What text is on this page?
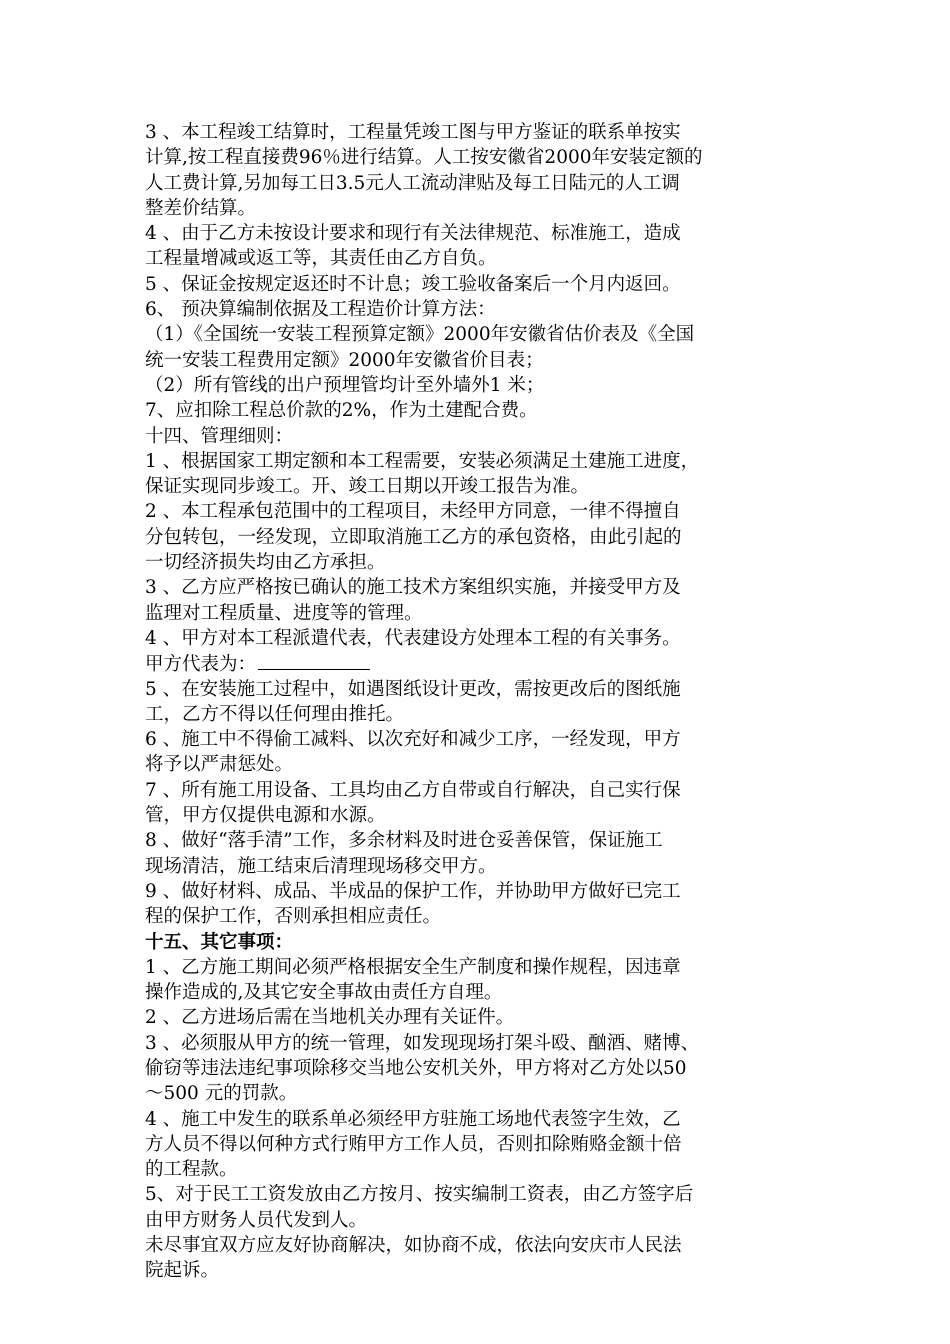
3 、本工程竣工结算时，工程量凭竣工图与甲方鉴证的联系单按实
计算,按工程直接费96％进行结算。人工按安徽省2000年安装定额的
人工费计算,另加每工日3.5元人工流动津贴及每工日陆元的人工调
整差价结算。
4 、由于乙方未按设计要求和现行有关法律规范、标准施工，造成
工程量增减或返工等，其责任由乙方自负。
5 、保证金按规定返还时不计息；竣工验收备案后一个月内返回。
6、 预决算编制依据及工程造价计算方法：
（1）《全国统一安装工程预算定额》2000年安徽省估价表及《全国
统一安装工程费用定额》2000年安徽省价目表；
（2）所有管线的出户预埋管均计至外墙外1 米；
7、应扣除工程总价款的2%，作为土建配合费。
十四、管理细则：
1 、根据国家工期定额和本工程需要，安装必须满足土建施工进度，
保证实现同步竣工。开、竣工日期以开竣工报告为准。
2 、本工程承包范围中的工程项目，未经甲方同意，一律不得擅自
分包转包，一经发现，立即取消施工乙方的承包资格，由此引起的
一切经济损失均由乙方承担。
3 、乙方应严格按已确认的施工技术方案组织实施，并接受甲方及
监理对工程质量、进度等的管理。
4 、甲方对本工程派遣代表，代表建设方处理本工程的有关事务。
甲方代表为：
5 、在安装施工过程中，如遇图纸设计更改，需按更改后的图纸施
工，乙方不得以任何理由推托。
6 、施工中不得偷工减料、以次充好和减少工序，一经发现，甲方
将予以严肃惩处。
7 、所有施工用设备、工具均由乙方自带或自行解决，自己实行保
管，甲方仅提供电源和水源。
8 、做好“落手清”工作，多余材料及时进仓妥善保管，保证施工
现场清洁，施工结束后清理现场移交甲方。
9 、做好材料、成品、半成品的保护工作，并协助甲方做好已完工
程的保护工作，否则承担相应责任。
十五、其它事项：
1 、乙方施工期间必须严格根据安全生产制度和操作规程，因违章
操作造成的,及其它安全事故由责任方自理。
2 、乙方进场后需在当地机关办理有关证件。
3 、必须服从甲方的统一管理，如发现现场打架斗殴、酗酒、赌博、
偷窃等违法违纪事项除移交当地公安机关外，甲方将对乙方处以50
～500 元的罚款。
4 、施工中发生的联系单必须经甲方驻施工场地代表签字生效，乙
方人员不得以何种方式行贿甲方工作人员，否则扣除贿赂金额十倍
的工程款。
5、对于民工工资发放由乙方按月、按实编制工资表，由乙方签字后
由甲方财务人员代发到人。
未尽事宜双方应友好协商解决，如协商不成，依法向安庆市人民法
院起诉。
